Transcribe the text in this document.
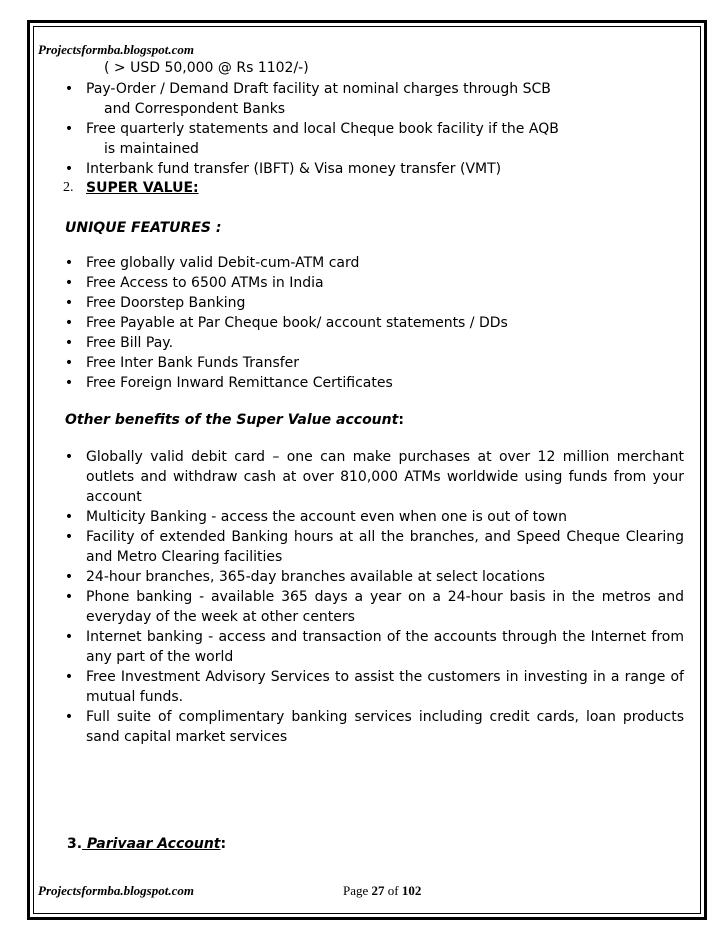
Projectsformba.blogspot.com
( > USD 50,000 @ Rs 1102/-)
• Pay-Order / Demand Draft facility at nominal charges through SCB
and Correspondent Banks
• Free quarterly statements and local Cheque book facility if the AQB
is maintained
• Interbank fund transfer (IBFT) & Visa money transfer (VMT)
2. SUPER VALUE:
UNIQUE FEATURES :
• Free globally valid Debit-cum-ATM card
• Free Access to 6500 ATMs in India
• Free Doorstep Banking
• Free Payable at Par Cheque book/ account statements / DDs
• Free Bill Pay.
• Free Inter Bank Funds Transfer
• Free Foreign Inward Remittance Certificates
Other benefits of the Super Value account:
• Globally valid debit card – one can make purchases at over 12 million merchant outlets and withdraw cash at over 810,000 ATMs worldwide using funds from your account
• Multicity Banking - access the account even when one is out of town
• Facility of extended Banking hours at all the branches, and Speed Cheque Clearing and Metro Clearing facilities
• 24-hour branches, 365-day branches available at select locations
• Phone banking - available 365 days a year on a 24-hour basis in the metros and everyday of the week at other centers
• Internet banking - access and transaction of the accounts through the Internet from any part of the world
• Free Investment Advisory Services to assist the customers in investing in a range of mutual funds.
• Full suite of complimentary banking services including credit cards, loan products sand capital market services
3. Parivaar Account:
Projectsformba.blogspot.com	Page 27 of 102
